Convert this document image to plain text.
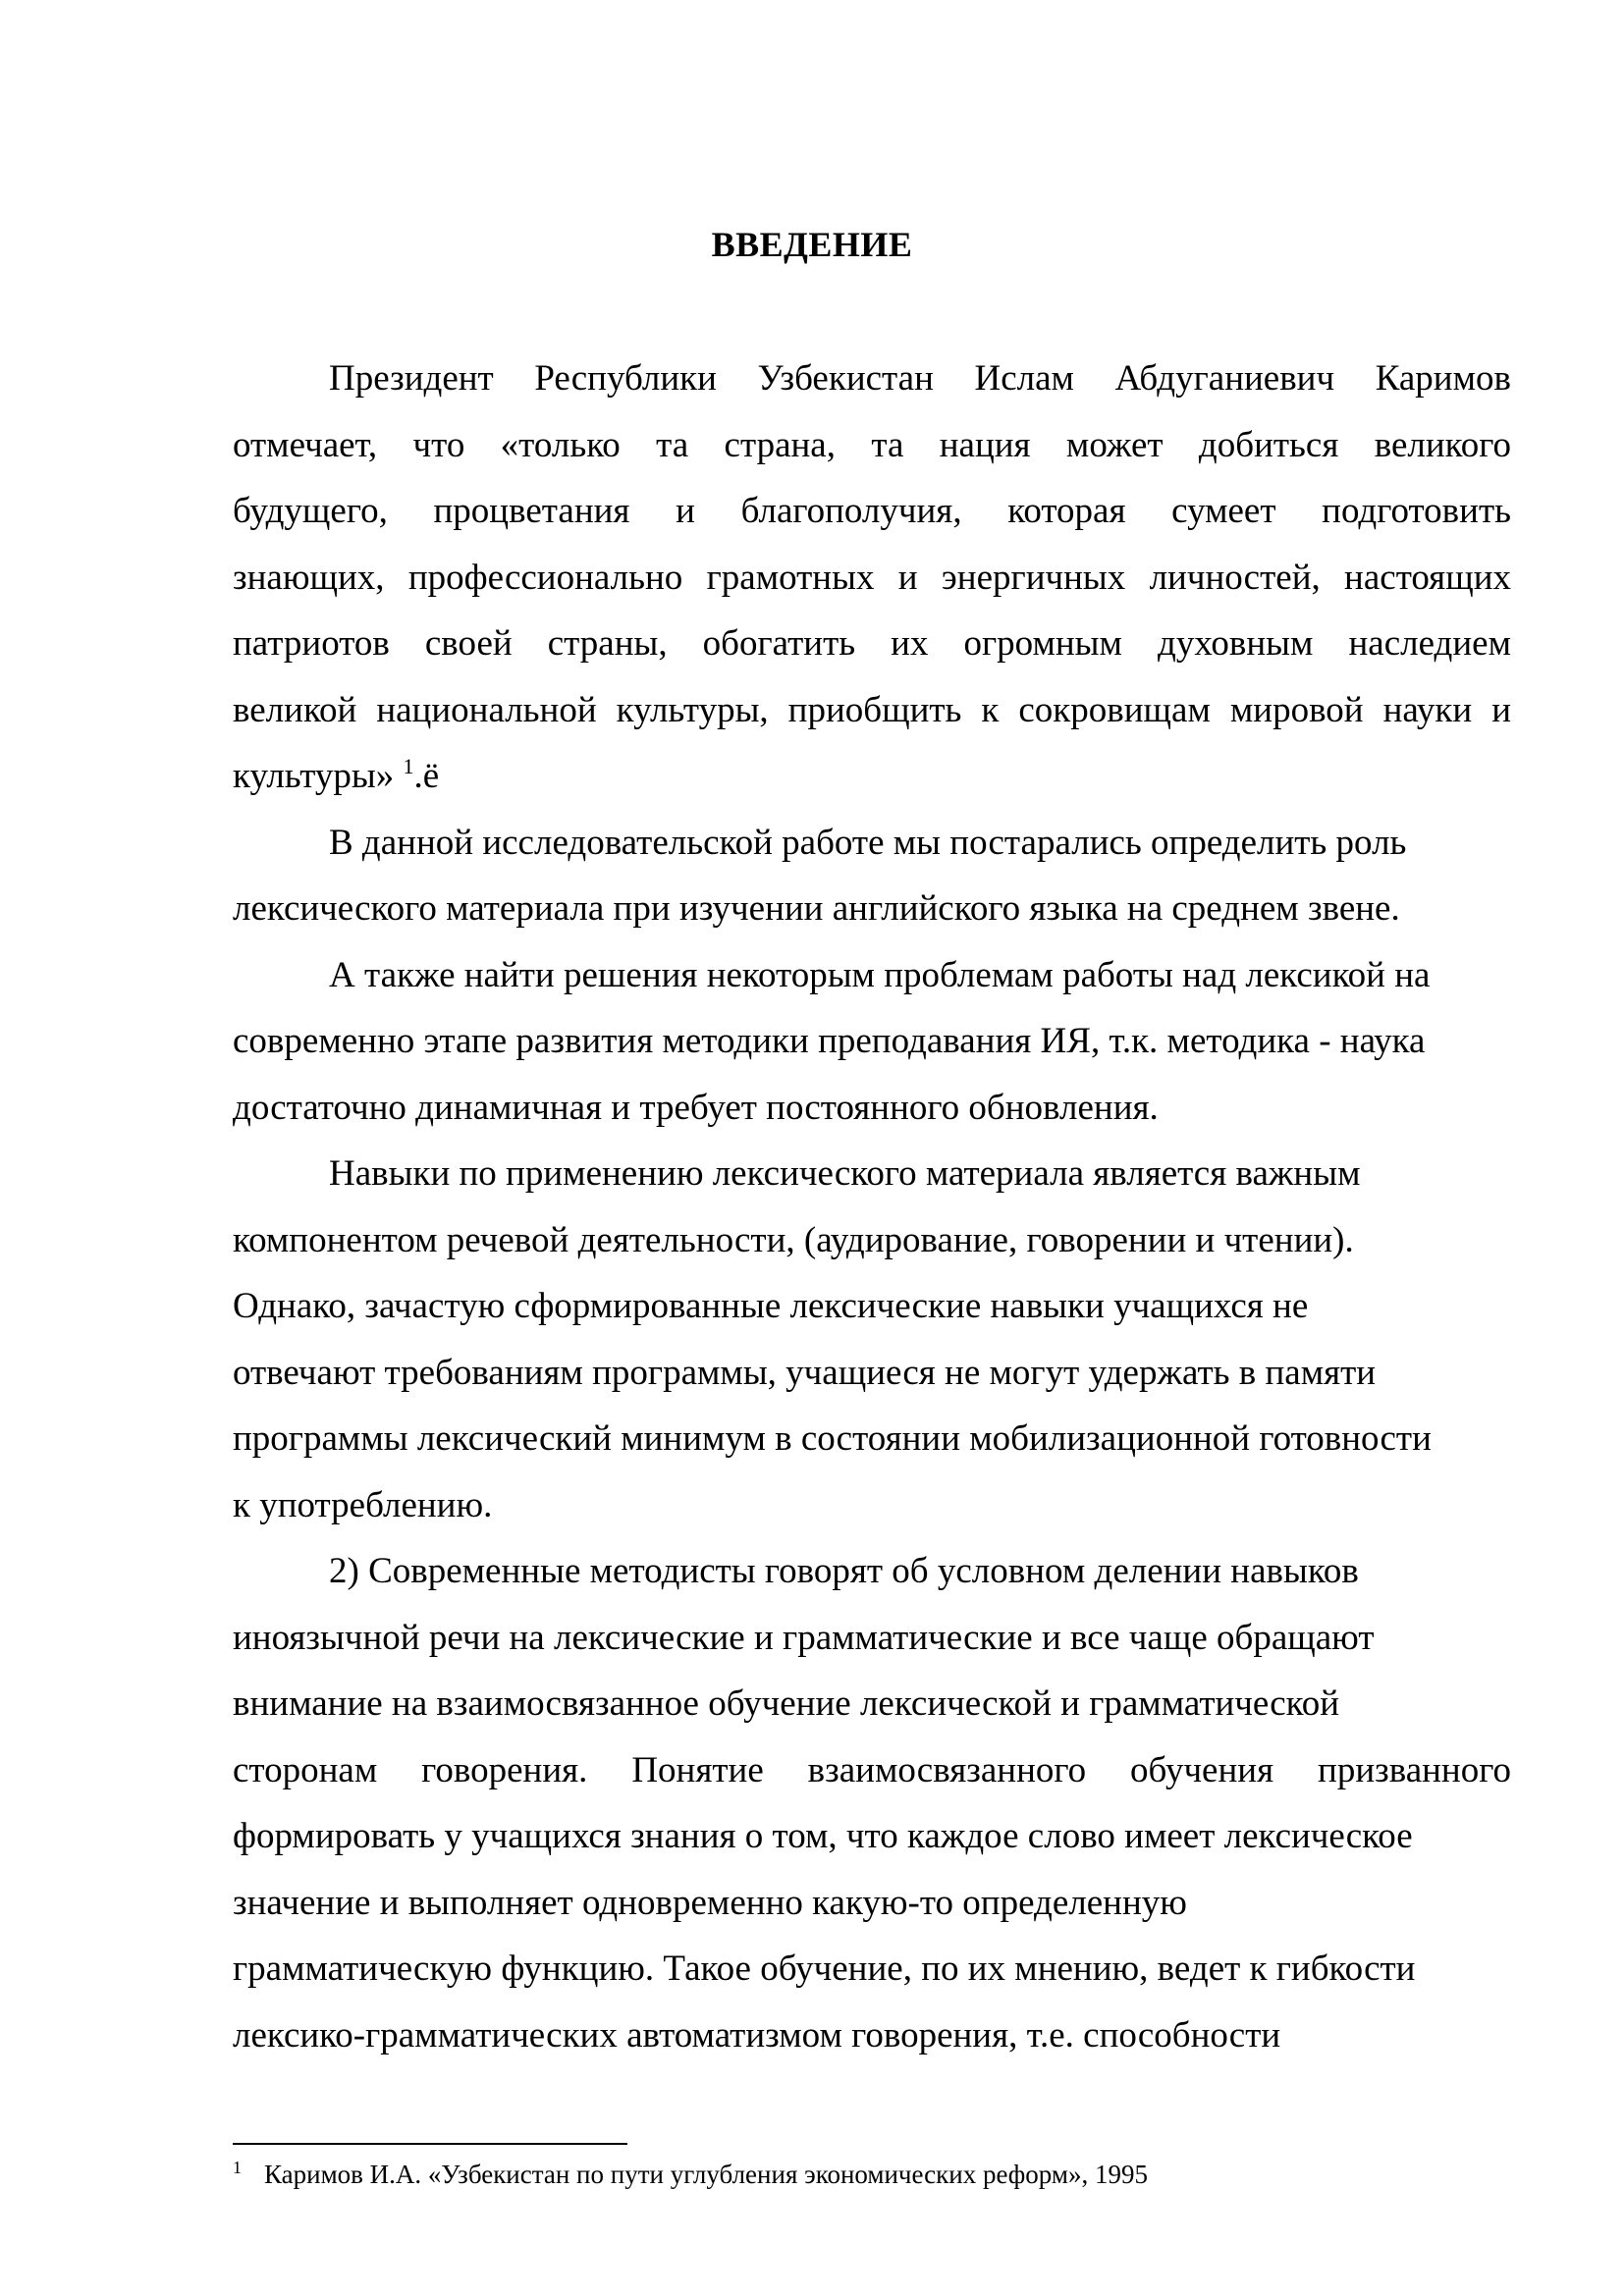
ВВЕДЕНИЕ
Президент Республики Узбекистан Ислам Абдуганиевич Каримов
отмечает, что «только та страна, та нация может добиться великого
будущего, процветания и благополучия, которая сумеет подготовить
знающих, профессионально грамотных и энергичных личностей, настоящих
патриотов своей страны, обогатить их огромным духовным наследием
великой национальной культуры, приобщить к сокровищам мировой науки и
культуры» $^1$.ё
В данной исследовательской работе мы постарались определить роль
лексического материала при изучении английского языка на среднем звене.
А также найти решения некоторым проблемам работы над лексикой на
современно этапе развития методики преподавания ИЯ, т.к. методика - наука
достаточно динамичная и требует постоянного обновления.
Навыки по применению лексического материала является важным
компонентом речевой деятельности, (аудирование, говорении и чтении).
Однако, зачастую сформированные лексические навыки учащихся не
отвечают требованиям программы, учащиеся не могут удержать в памяти
программы лексический минимум в состоянии мобилизационной готовности
к употреблению.
2) Современные методисты говорят об условном делении навыков
иноязычной речи на лексические и грамматические и все чаще обращают
внимание на взаимосвязанное обучение лексической и грамматической
сторонам говорения. Понятие взаимосвязанного обучения призванного
формировать у учащихся знания о том, что каждое слово имеет лексическое
значение и выполняет одновременно какую-то определенную
грамматическую функцию. Такое обучение, по их мнению, ведет к гибкости
лексико-грамматических автоматизмом говорения, т.е. способности
1 Каримов И.А. «Узбекистан по пути углубления экономических реформ», 1995
